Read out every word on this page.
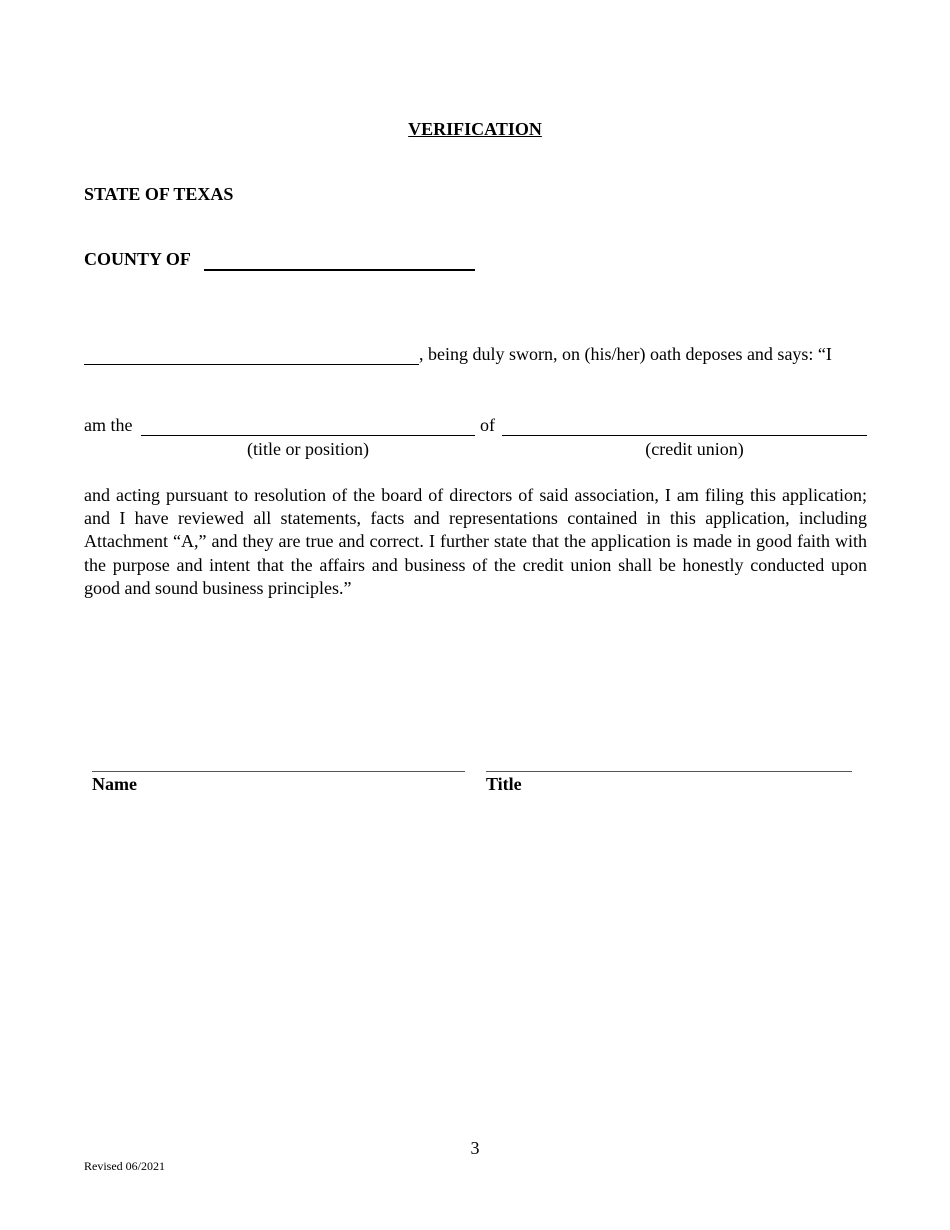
VERIFICATION
STATE OF TEXAS
COUNTY OF
, being duly sworn, on (his/her) oath deposes and says: “I
am the	of
(title or position)	(credit union)
and acting pursuant to resolution of the board of directors of said association, I am filing this application; and I have reviewed all statements, facts and representations contained in this application, including Attachment “A,” and they are true and correct. I further state that the application is made in good faith with the purpose and intent that the affairs and business of the credit union shall be honestly conducted upon good and sound business principles.”
Name	Title
3
Revised 06/2021
